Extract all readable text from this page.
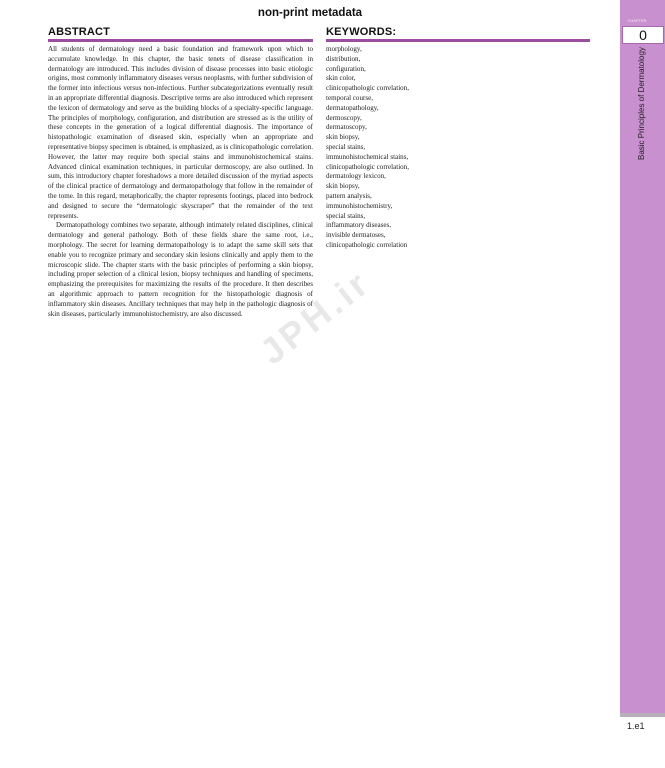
non-print metadata
ABSTRACT	KEYWORDS:

All students of dermatology need a basic foundation and framework upon which to accumulate knowledge. In this chapter, the basic tenets of disease classification in dermatology are introduced. This includes division of disease processes into basic etiologic origins, most commonly inflammatory diseases versus neoplasms, with further subdivision of the former into infectious versus non-infectious. Further subcategorizations eventually result in an appropriate differential diagnosis. Descriptive terms are also introduced which represent the lexicon of dermatology and serve as the building blocks of a specialty-specific language. The principles of morphology, configuration, and distribution are stressed as is the utility of these concepts in the generation of a logical differential diagnosis. The importance of histopathologic examination of diseased skin, especially when an appropriate and representative biopsy specimen is obtained, is emphasized, as is clinicopathologic correlation. However, the latter may require both special stains and immunohistochemical stains. Advanced clinical examination techniques, in particular dermoscopy, are also outlined. In sum, this introductory chapter foreshadows a more detailed discussion of the myriad aspects of the clinical practice of dermatology and dermatopathology that follow in the remainder of the tome. In this regard, metaphorically, the chapter represents footings, placed into bedrock and designed to secure the “dermatologic skyscraper” that the remainder of the text represents.

Dermatopathology combines two separate, although intimately related disciplines, clinical dermatology and general pathology. Both of these fields share the same root, i.e., morphology. The secret for learning dermatopathology is to adapt the same skill sets that enable you to recognize primary and secondary skin lesions clinically and apply them to the microscopic slide. The chapter starts with the basic principles of performing a skin biopsy, including proper selection of a clinical lesion, biopsy techniques and handling of specimens, emphasizing the prerequisites for maximizing the results of the procedure. It then describes an algorithmic approach to pattern recognition for the histopathologic diagnosis of inflammatory skin diseases. Ancillary techniques that may help in the pathologic diagnosis of skin diseases, particularly immunohistochemistry, are also discussed.

morphology,
distribution,
configuration,
skin color,
clinicopathologic correlation,
temporal course,
dermatopathology,
dermoscopy,
dermatoscopy,
skin biopsy,
special stains,
immunohistochemical stains,
clinicopathologic correlation,
dermatology lexicon,
skin biopsy,
pattern analysis,
immunohistochemistry,
special stains,
inflammatory diseases,
invisible dermatoses,
clinicopathologic correlation
CHAPTER
0
Basic Principles of Dermatology
1.e1
JPH.ir
